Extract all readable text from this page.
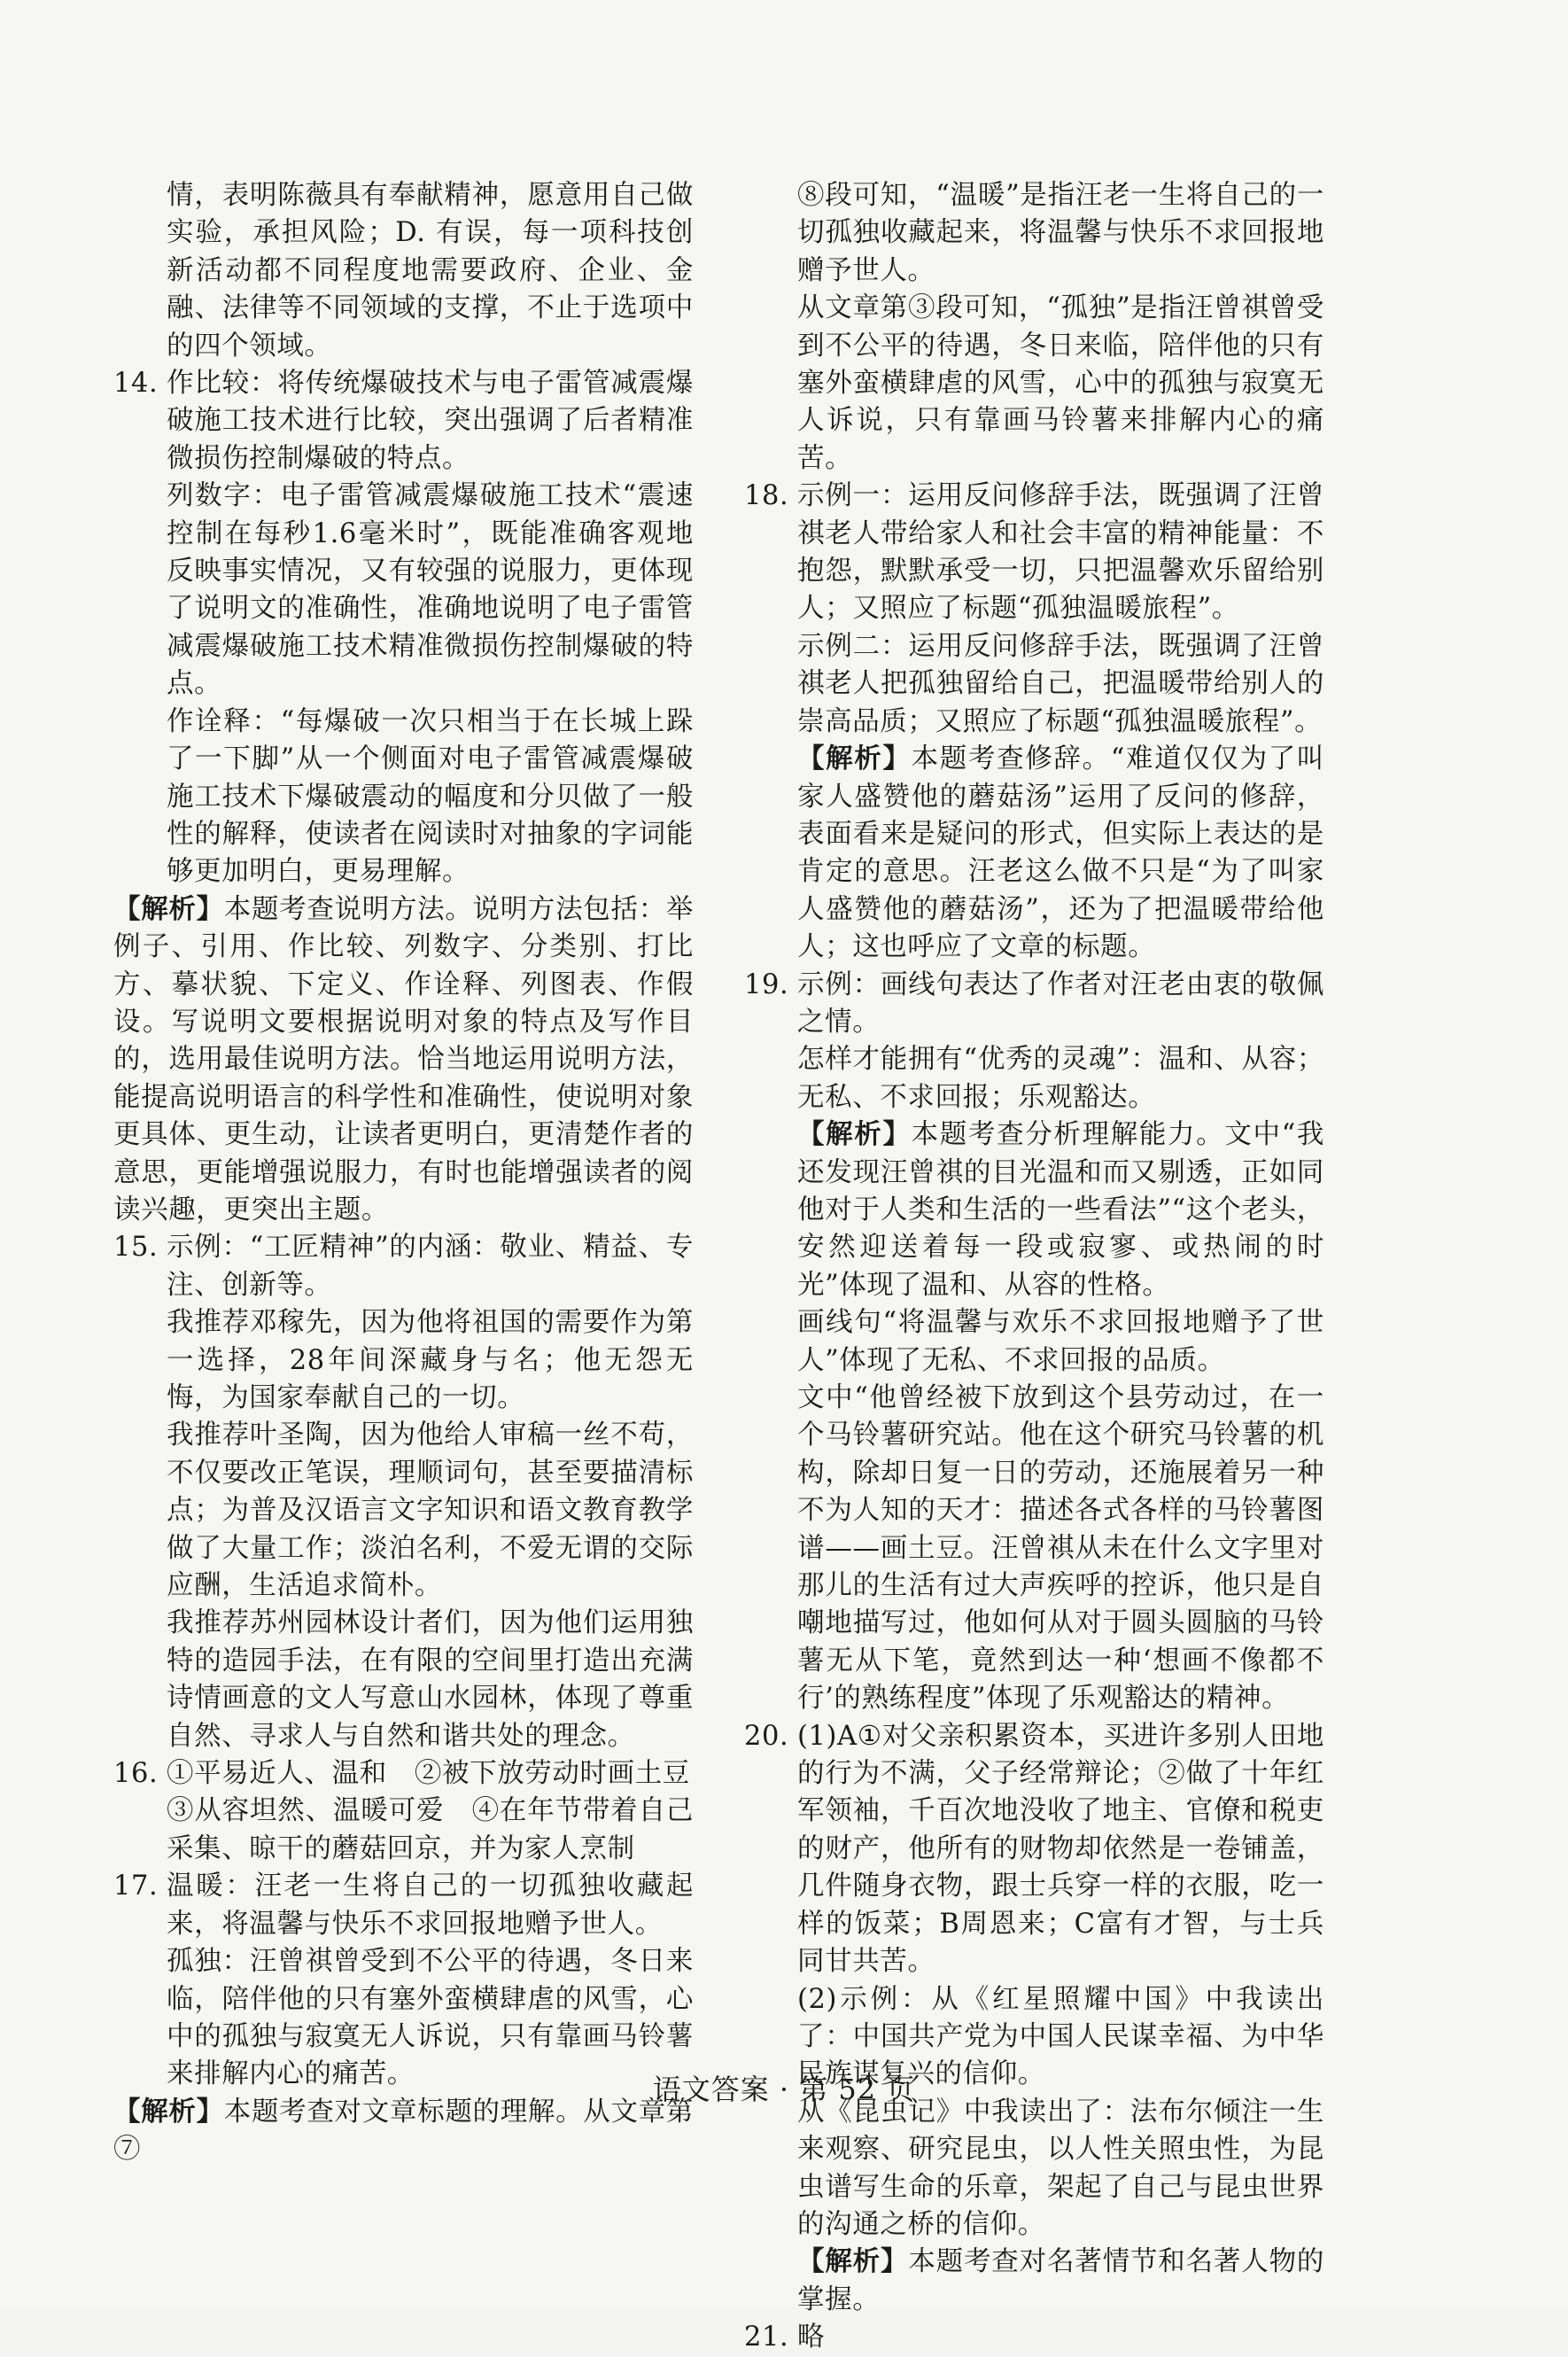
情，表明陈薇具有奉献精神，愿意用自己做实验，承担风险；D. 有误，每一项科技创新活动都不同程度地需要政府、企业、金融、法律等不同领域的支撑，不止于选项中的四个领域。
14. 作比较：将传统爆破技术与电子雷管减震爆破施工技术进行比较，突出强调了后者精准微损伤控制爆破的特点。
列数字：电子雷管减震爆破施工技术“震速控制在每秒1.6毫米时”，既能准确客观地反映事实情况，又有较强的说服力，更体现了说明文的准确性，准确地说明了电子雷管减震爆破施工技术精准微损伤控制爆破的特点。
作诠释：“每爆破一次只相当于在长城上跺了一下脚”从一个侧面对电子雷管减震爆破施工技术下爆破震动的幅度和分贝做了一般性的解释，使读者在阅读时对抽象的字词能够更加明白，更易理解。
【解析】本题考查说明方法。说明方法包括：举例子、引用、作比较、列数字、分类别、打比方、摹状貌、下定义、作诠释、列图表、作假设。写说明文要根据说明对象的特点及写作目的，选用最佳说明方法。恰当地运用说明方法，能提高说明语言的科学性和准确性，使说明对象更具体、更生动，让读者更明白，更清楚作者的意思，更能增强说服力，有时也能增强读者的阅读兴趣，更突出主题。
15. 示例：“工匠精神”的内涵：敬业、精益、专注、创新等。
我推荐邓稼先，因为他将祖国的需要作为第一选择，28年间深藏身与名；他无怨无悔，为国家奉献自己的一切。
我推荐叶圣陶，因为他给人审稿一丝不苟，不仅要改正笔误，理顺词句，甚至要描清标点；为普及汉语言文字知识和语文教育教学做了大量工作；淡泊名利，不爱无谓的交际应酬，生活追求简朴。
我推荐苏州园林设计者们，因为他们运用独特的造园手法，在有限的空间里打造出充满诗情画意的文人写意山水园林，体现了尊重自然、寻求人与自然和谐共处的理念。
16. ①平易近人、温和　②被下放劳动时画土豆
③从容坦然、温暖可爱　④在年节带着自己采集、晾干的蘑菇回京，并为家人烹制
17. 温暖：汪老一生将自己的一切孤独收藏起来，将温馨与快乐不求回报地赠予世人。
孤独：汪曾祺曾受到不公平的待遇，冬日来临，陪伴他的只有塞外蛮横肆虐的风雪，心中的孤独与寂寞无人诉说，只有靠画马铃薯来排解内心的痛苦。
【解析】本题考查对文章标题的理解。从文章第⑦
⑧段可知，“温暖”是指汪老一生将自己的一切孤独收藏起来，将温馨与快乐不求回报地赠予世人。
从文章第③段可知，“孤独”是指汪曾祺曾受到不公平的待遇，冬日来临，陪伴他的只有塞外蛮横肆虐的风雪，心中的孤独与寂寞无人诉说，只有靠画马铃薯来排解内心的痛苦。
18. 示例一：运用反问修辞手法，既强调了汪曾祺老人带给家人和社会丰富的精神能量：不抱怨，默默承受一切，只把温馨欢乐留给别人；又照应了标题“孤独温暖旅程”。
示例二：运用反问修辞手法，既强调了汪曾祺老人把孤独留给自己，把温暖带给别人的崇高品质；又照应了标题“孤独温暖旅程”。
【解析】本题考查修辞。“难道仅仅为了叫家人盛赞他的蘑菇汤”运用了反问的修辞，表面看来是疑问的形式，但实际上表达的是肯定的意思。汪老这么做不只是“为了叫家人盛赞他的蘑菇汤”，还为了把温暖带给他人；这也呼应了文章的标题。
19. 示例：画线句表达了作者对汪老由衷的敬佩之情。
怎样才能拥有“优秀的灵魂”：温和、从容；无私、不求回报；乐观豁达。
【解析】本题考查分析理解能力。文中“我还发现汪曾祺的目光温和而又剔透，正如同他对于人类和生活的一些看法”“这个老头，安然迎送着每一段或寂寥、或热闹的时光”体现了温和、从容的性格。
画线句“将温馨与欢乐不求回报地赠予了世人”体现了无私、不求回报的品质。
文中“他曾经被下放到这个县劳动过，在一个马铃薯研究站。他在这个研究马铃薯的机构，除却日复一日的劳动，还施展着另一种不为人知的天才：描述各式各样的马铃薯图谱——画土豆。汪曾祺从未在什么文字里对那儿的生活有过大声疾呼的控诉，他只是自嘲地描写过，他如何从对于圆头圆脑的马铃薯无从下笔，竟然到达一种‘想画不像都不行’的熟练程度”体现了乐观豁达的精神。
20. (1)A①对父亲积累资本，买进许多别人田地的行为不满，父子经常辩论；②做了十年红军领袖，千百次地没收了地主、官僚和税吏的财产，他所有的财物却依然是一卷铺盖，几件随身衣物，跟士兵穿一样的衣服，吃一样的饭菜；B周恩来；C富有才智，与士兵同甘共苦。
(2)示例：从《红星照耀中国》中我读出了：中国共产党为中国人民谋幸福、为中华民族谋复兴的信仰。
从《昆虫记》中我读出了：法布尔倾注一生来观察、研究昆虫，以人性关照虫性，为昆虫谱写生命的乐章，架起了自己与昆虫世界的沟通之桥的信仰。
【解析】本题考查对名著情节和名著人物的掌握。
21. 略
语文答案 · 第 52 页
